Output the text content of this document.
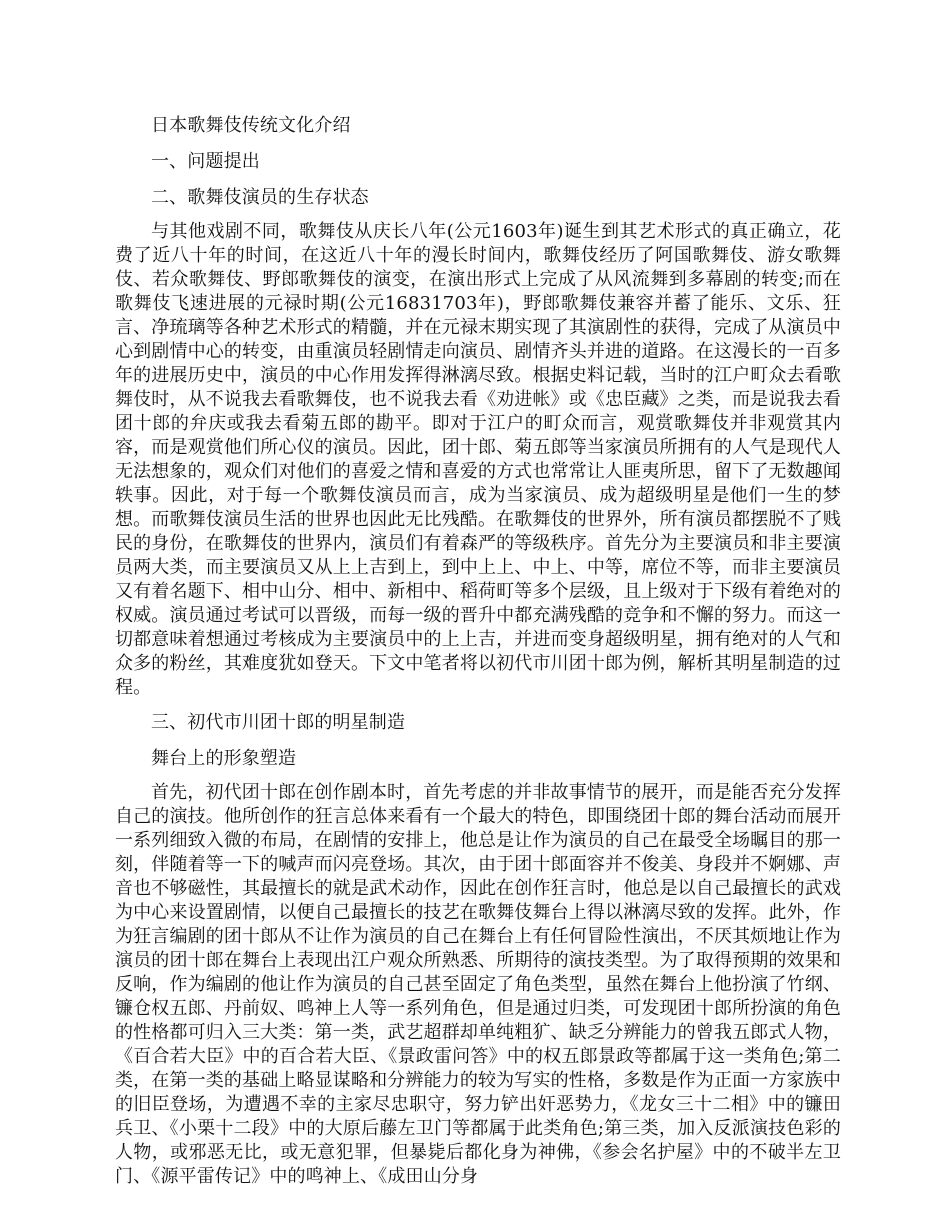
日本歌舞伎传统文化介绍
一、问题提出
二、歌舞伎演员的生存状态
与其他戏剧不同，歌舞伎从庆长八年(公元1603年)诞生到其艺术形式的真正确立，花费了近八十年的时间，在这近八十年的漫长时间内，歌舞伎经历了阿国歌舞伎、游女歌舞伎、若众歌舞伎、野郎歌舞伎的演变，在演出形式上完成了从风流舞到多幕剧的转变;而在歌舞伎飞速进展的元禄时期(公元16831703年)，野郎歌舞伎兼容并蓄了能乐、文乐、狂言、净琉璃等各种艺术形式的精髓，并在元禄末期实现了其演剧性的获得，完成了从演员中心到剧情中心的转变，由重演员轻剧情走向演员、剧情齐头并进的道路。在这漫长的一百多年的进展历史中，演员的中心作用发挥得淋漓尽致。根据史料记载，当时的江户町众去看歌舞伎时，从不说我去看歌舞伎，也不说我去看《劝进帐》或《忠臣藏》之类，而是说我去看团十郎的弁庆或我去看菊五郎的勘平。即对于江户的町众而言，观赏歌舞伎并非观赏其内容，而是观赏他们所心仪的演员。因此，团十郎、菊五郎等当家演员所拥有的人气是现代人无法想象的，观众们对他们的喜爱之情和喜爱的方式也常常让人匪夷所思，留下了无数趣闻轶事。因此，对于每一个歌舞伎演员而言，成为当家演员、成为超级明星是他们一生的梦想。而歌舞伎演员生活的世界也因此无比残酷。在歌舞伎的世界外，所有演员都摆脱不了贱民的身份，在歌舞伎的世界内，演员们有着森严的等级秩序。首先分为主要演员和非主要演员两大类，而主要演员又从上上吉到上，到中上上、中上、中等，席位不等，而非主要演员又有着名题下、相中山分、相中、新相中、稻荷町等多个层级，且上级对于下级有着绝对的权威。演员通过考试可以晋级，而每一级的晋升中都充满残酷的竞争和不懈的努力。而这一切都意味着想通过考核成为主要演员中的上上吉，并进而变身超级明星，拥有绝对的人气和众多的粉丝，其难度犹如登天。下文中笔者将以初代市川团十郎为例，解析其明星制造的过程。
三、初代市川团十郎的明星制造
舞台上的形象塑造
首先，初代团十郎在创作剧本时，首先考虑的并非故事情节的展开，而是能否充分发挥自己的演技。他所创作的狂言总体来看有一个最大的特色，即围绕团十郎的舞台活动而展开一系列细致入微的布局，在剧情的安排上，他总是让作为演员的自己在最受全场瞩目的那一刻，伴随着等一下的喊声而闪亮登场。其次，由于团十郎面容并不俊美、身段并不婀娜、声音也不够磁性，其最擅长的就是武术动作，因此在创作狂言时，他总是以自己最擅长的武戏为中心来设置剧情，以便自己最擅长的技艺在歌舞伎舞台上得以淋漓尽致的发挥。此外，作为狂言编剧的团十郎从不让作为演员的自己在舞台上有任何冒险性演出，不厌其烦地让作为演员的团十郎在舞台上表现出江户观众所熟悉、所期待的演技类型。为了取得预期的效果和反响，作为编剧的他让作为演员的自己甚至固定了角色类型，虽然在舞台上他扮演了竹纲、镰仓权五郎、丹前奴、鸣神上人等一系列角色，但是通过归类，可发现团十郎所扮演的角色的性格都可归入三大类：第一类，武艺超群却单纯粗犷、缺乏分辨能力的曾我五郎式人物，《百合若大臣》中的百合若大臣、《景政雷问答》中的权五郎景政等都属于这一类角色;第二类，在第一类的基础上略显谋略和分辨能力的较为写实的性格，多数是作为正面一方家族中的旧臣登场，为遭遇不幸的主家尽忠职守，努力铲出奸恶势力，《龙女三十二相》中的镰田兵卫、《小栗十二段》中的大原后藤左卫门等都属于此类角色;第三类，加入反派演技色彩的人物，或邪恶无比，或无意犯罪，但暴毙后都化身为神佛，《参会名护屋》中的不破半左卫门、《源平雷传记》中的鸣神上、《成田山分身
